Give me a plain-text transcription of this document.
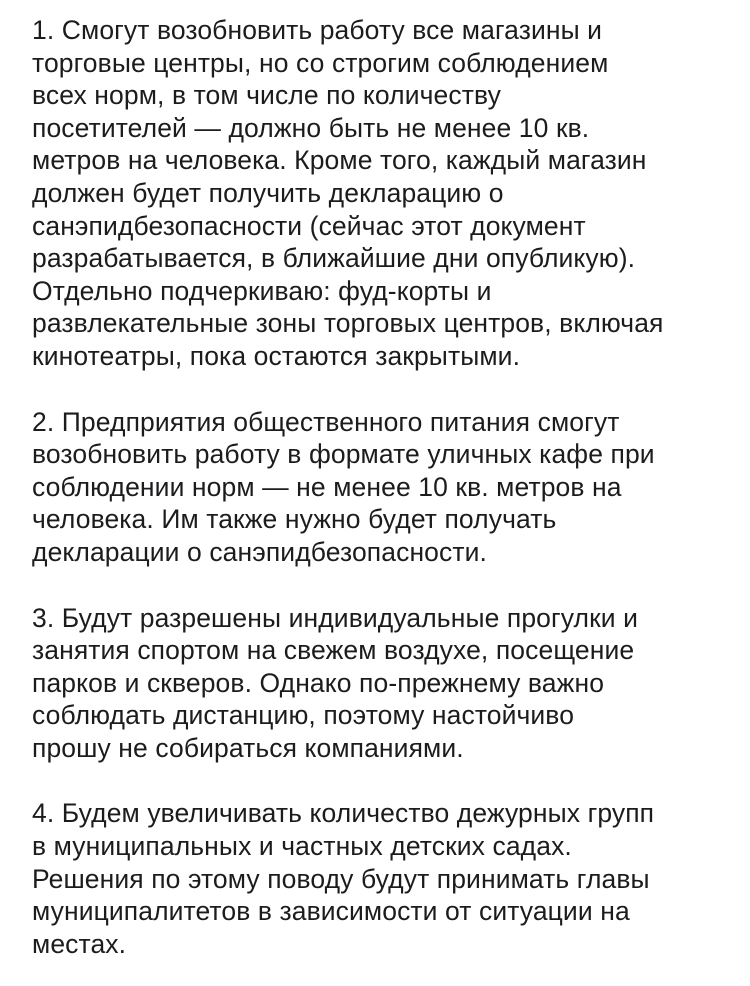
1. Смогут возобновить работу все магазины и
торговые центры, но со строгим соблюдением
всех норм, в том числе по количеству
посетителей — должно быть не менее 10 кв.
метров на человека. Кроме того, каждый магазин
должен будет получить декларацию о
санэпидбезопасности (сейчас этот документ
разрабатывается, в ближайшие дни опубликую).
Отдельно подчеркиваю: фуд-корты и
развлекательные зоны торговых центров, включая
кинотеатры, пока остаются закрытыми.

2. Предприятия общественного питания смогут
возобновить работу в формате уличных кафе при
соблюдении норм — не менее 10 кв. метров на
человека. Им также нужно будет получать
декларации о санэпидбезопасности.

3. Будут разрешены индивидуальные прогулки и
занятия спортом на свежем воздухе, посещение
парков и скверов. Однако по-прежнему важно
соблюдать дистанцию, поэтому настойчиво
прошу не собираться компаниями.

4. Будем увеличивать количество дежурных групп
в муниципальных и частных детских садах.
Решения по этому поводу будут принимать главы
муниципалитетов в зависимости от ситуации на
местах.
